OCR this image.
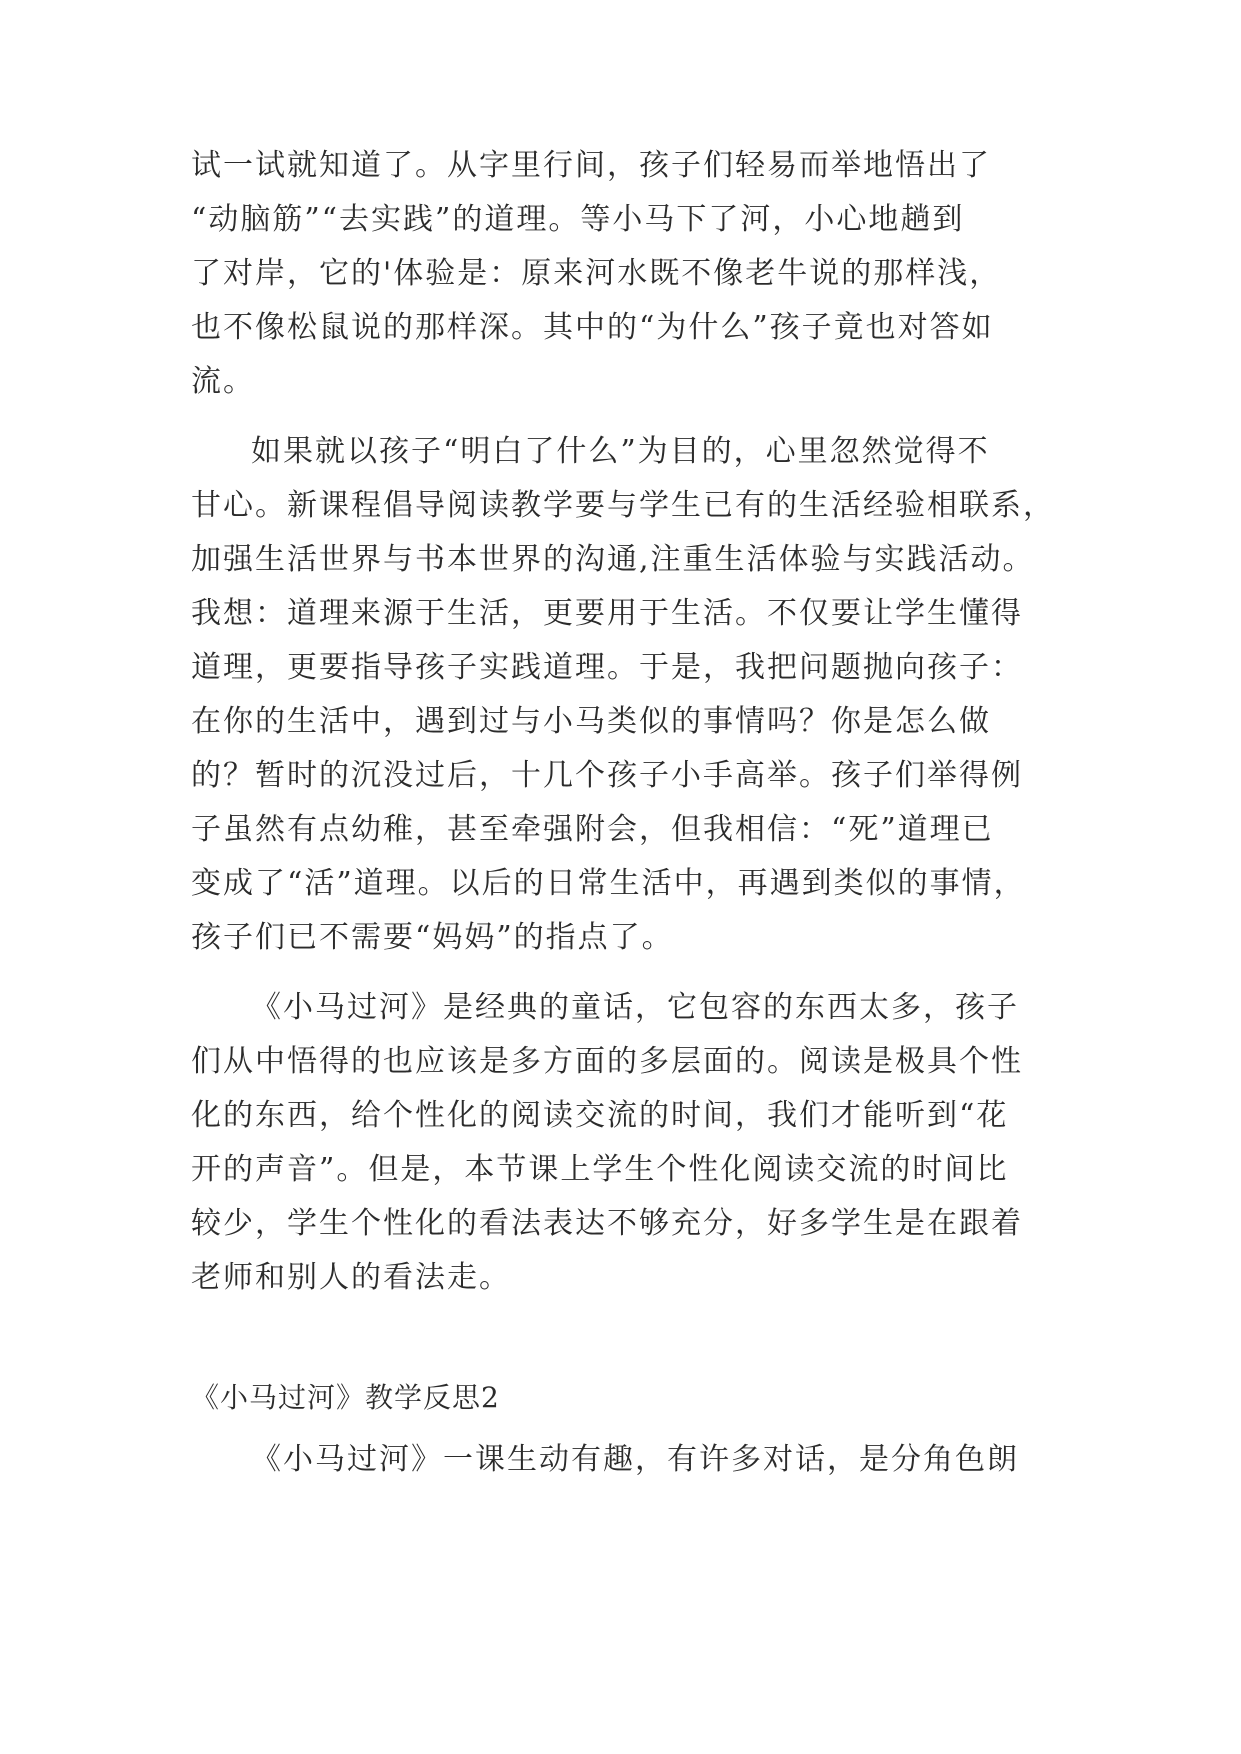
试一试就知道了。从字里行间，孩子们轻易而举地悟出了
“动脑筋”“去实践”的道理。等小马下了河，小心地趟到
了对岸，它的'体验是：原来河水既不像老牛说的那样浅，
也不像松鼠说的那样深。其中的“为什么”孩子竟也对答如
流。
如果就以孩子“明白了什么”为目的，心里忽然觉得不
甘心。新课程倡导阅读教学要与学生已有的生活经验相联系，
加强生活世界与书本世界的沟通,注重生活体验与实践活动。
我想：道理来源于生活，更要用于生活。不仅要让学生懂得
道理，更要指导孩子实践道理。于是，我把问题抛向孩子：
在你的生活中，遇到过与小马类似的事情吗？你是怎么做
的？暂时的沉没过后，十几个孩子小手高举。孩子们举得例
子虽然有点幼稚，甚至牵强附会，但我相信：“死”道理已
变成了“活”道理。以后的日常生活中，再遇到类似的事情，
孩子们已不需要“妈妈”的指点了。
《小马过河》是经典的童话，它包容的东西太多，孩子
们从中悟得的也应该是多方面的多层面的。阅读是极具个性
化的东西，给个性化的阅读交流的时间，我们才能听到“花
开的声音”。但是，本节课上学生个性化阅读交流的时间比
较少，学生个性化的看法表达不够充分，好多学生是在跟着
老师和别人的看法走。
《小马过河》教学反思2
《小马过河》一课生动有趣，有许多对话，是分角色朗
